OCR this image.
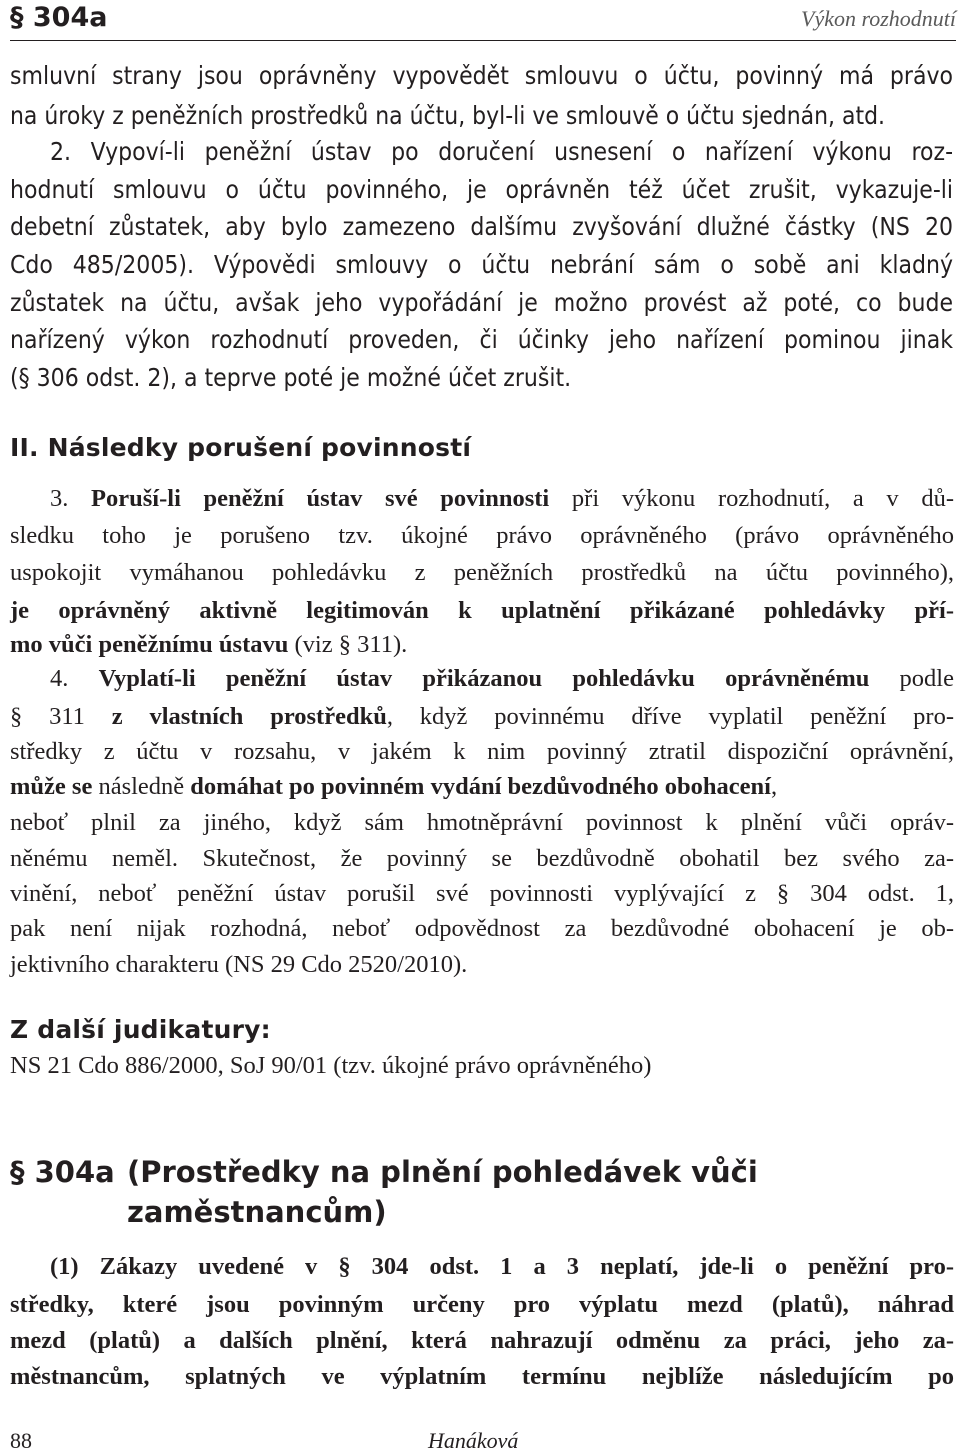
§ 304a	Výkon rozhodnutí
smluvní strany jsou oprávněny vypovědět smlouvu o účtu, povinný má právo
na úroky z peněžních prostředků na účtu, byl-li ve smlouvě o účtu sjednán, atd.
2. Vypoví-li peněžní ústav po doručení usnesení o nařízení výkonu roz-
hodnutí smlouvu o účtu povinného, je oprávněn též účet zrušit, vykazuje-li
debetní zůstatek, aby bylo zamezeno dalšímu zvyšování dlužné částky (NS 20
Cdo 485/2005). Výpovědi smlouvy o účtu nebrání sám o sobě ani kladný
zůstatek na účtu, avšak jeho vypořádání je možno provést až poté, co bude
nařízený výkon rozhodnutí proveden, či účinky jeho nařízení pominou jinak
(§ 306 odst. 2), a teprve poté je možné účet zrušit.
II. Následky porušení povinností
3. Poruší-li peněžní ústav své povinnosti při výkonu rozhodnutí, a v dů-
sledku toho je porušeno tzv. úkojné právo oprávněného (právo oprávněného
uspokojit vymáhanou pohledávku z peněžních prostředků na účtu povinného),
je oprávněný aktivně legitimován k uplatnění přikázané pohledávky pří-
mo vůči peněžnímu ústavu (viz § 311).
4. Vyplatí-li peněžní ústav přikázanou pohledávku oprávněnému podle
§ 311 z vlastních prostředků, když povinnému dříve vyplatil peněžní pro-
středky z účtu v rozsahu, v jakém k nim povinný ztratil dispoziční oprávnění,
může se následně domáhat po povinném vydání bezdůvodného obohacení,
neboť plnil za jiného, když sám hmotněprávní povinnost k plnění vůči opráv-
něnému neměl. Skutečnost, že povinný se bezdůvodně obohatil bez svého za-
vinění, neboť peněžní ústav porušil své povinnosti vyplývající z § 304 odst. 1,
pak není nijak rozhodná, neboť odpovědnost za bezdůvodné obohacení je ob-
jektivního charakteru (NS 29 Cdo 2520/2010).
Z další judikatury:
NS 21 Cdo 886/2000, SoJ 90/01 (tzv. úkojné právo oprávněného)
§ 304a (Prostředky na plnění pohledávek vůči
zaměstnancům)
(1) Zákazy uvedené v § 304 odst. 1 a 3 neplatí, jde-li o peněžní pro-
středky, které jsou povinným určeny pro výplatu mezd (platů), náhrad
mezd (platů) a dalších plnění, která nahrazují odměnu za práci, jeho za-
městnancům, splatných ve výplatním termínu nejblíže následujícím po
88	Hanáková
